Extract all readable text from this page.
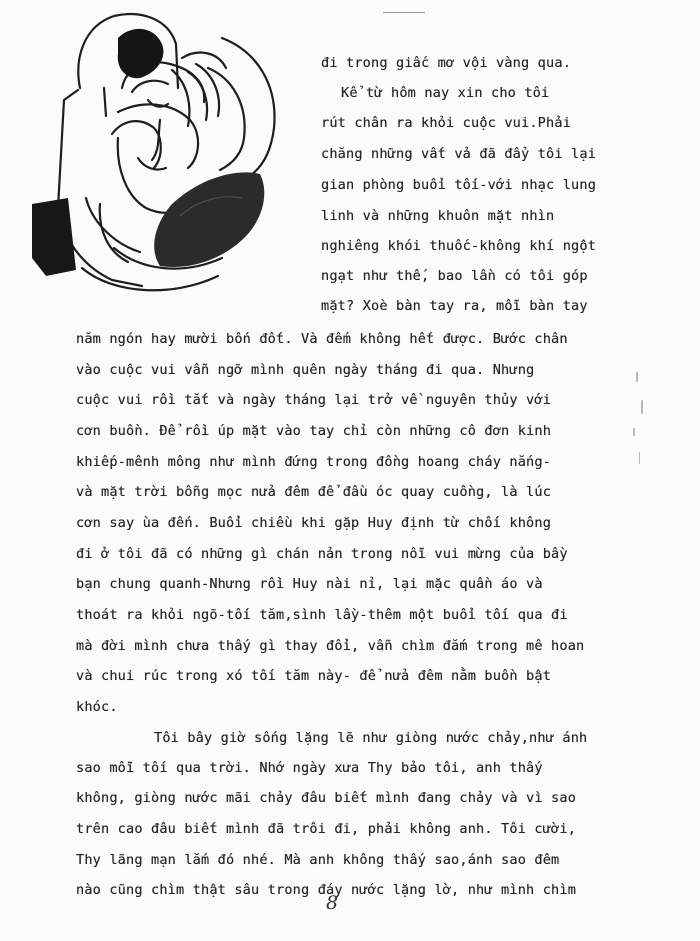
đi trong giấc mơ vội vàng qua.
Kể từ hôm nay xin cho tôi
rút chân ra khỏi cuộc vui.Phải
chăng những vất vả đã đẩy tôi lại
gian phòng buổi tối-với nhạc lung
linh và những khuôn mặt nhìn
nghiêng khói thuốc-không khí ngột
ngạt như thế, bao lần có tôi góp
mặt? Xoè bàn tay ra, mỗi bàn tay
năm ngón hay mười bốn đốt. Và đếm không hết được. Bước chân
vào cuộc vui vẫn ngỡ mình quên ngày tháng đi qua. Nhưng
cuộc vui rồi tắt và ngày tháng lại trở về nguyên thủy với
cơn buồn. Để rồi úp mặt vào tay chỉ còn những cô đơn kinh
khiếp-mênh mông như mình đứng trong đồng hoang cháy nắng-
và mặt trời bỗng mọc nửa đêm để đầu óc quay cuồng, là lúc
cơn say ùa đến. Buổi chiều khi gặp Huy định từ chối không
đi ở tôi đã có những gì chán nản trong nỗi vui mừng của bầy
bạn chung quanh-Nhưng rồi Huy nài nỉ, lại mặc quần áo và
thoát ra khỏi ngõ-tối tăm,sình lầy-thêm một buổi tối qua đi
mà đời mình chưa thấy gì thay đổi, vẫn chìm đắm trong mê hoan
và chui rúc trong xó tối tăm này- để nửa đêm nằm buồn bật
khóc.
Tôi bây giờ sống lặng lẽ như giòng nước chảy,như ánh
sao mỗi tối qua trời. Nhớ ngày xưa Thy bảo tôi, anh thấy
không, giòng nước mãi chảy đâu biết mình đang chảy và vì sao
trên cao đâu biết mình đã trôi đi, phải không anh. Tôi cười,
Thy lãng mạn lắm đó nhé. Mà anh không thấy sao,ánh sao đêm
nào cũng chìm thật sâu trong đáy nước lặng lờ, như mình chìm
8
